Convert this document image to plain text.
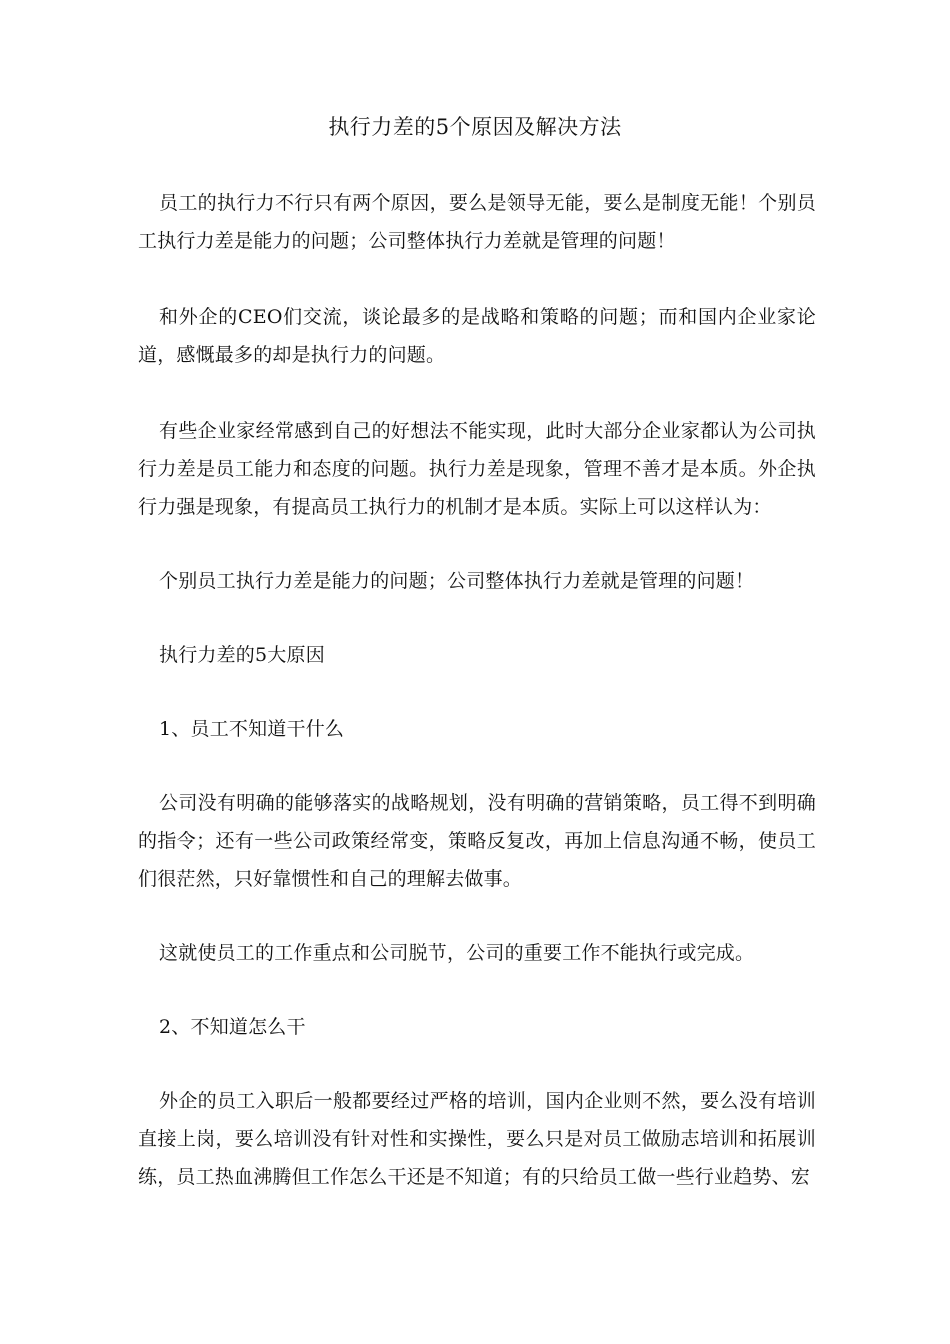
执行力差的5个原因及解决方法

员工的执行力不行只有两个原因，要么是领导无能，要么是制度无能！个别员工执行力差是能力的问题；公司整体执行力差就是管理的问题！

和外企的CEO们交流，谈论最多的是战略和策略的问题；而和国内企业家论道，感慨最多的却是执行力的问题。

有些企业家经常感到自己的好想法不能实现，此时大部分企业家都认为公司执行力差是员工能力和态度的问题。执行力差是现象，管理不善才是本质。外企执行力强是现象，有提高员工执行力的机制才是本质。实际上可以这样认为：

个别员工执行力差是能力的问题；公司整体执行力差就是管理的问题！

执行力差的5大原因

1、员工不知道干什么

公司没有明确的能够落实的战略规划，没有明确的营销策略，员工得不到明确的指令；还有一些公司政策经常变，策略反复改，再加上信息沟通不畅，使员工们很茫然，只好靠惯性和自己的理解去做事。

这就使员工的工作重点和公司脱节，公司的重要工作不能执行或完成。

2、不知道怎么干

外企的员工入职后一般都要经过严格的培训，国内企业则不然，要么没有培训直接上岗，要么培训没有针对性和实操性，要么只是对员工做励志培训和拓展训练，员工热血沸腾但工作怎么干还是不知道；有的只给员工做一些行业趋势、宏
